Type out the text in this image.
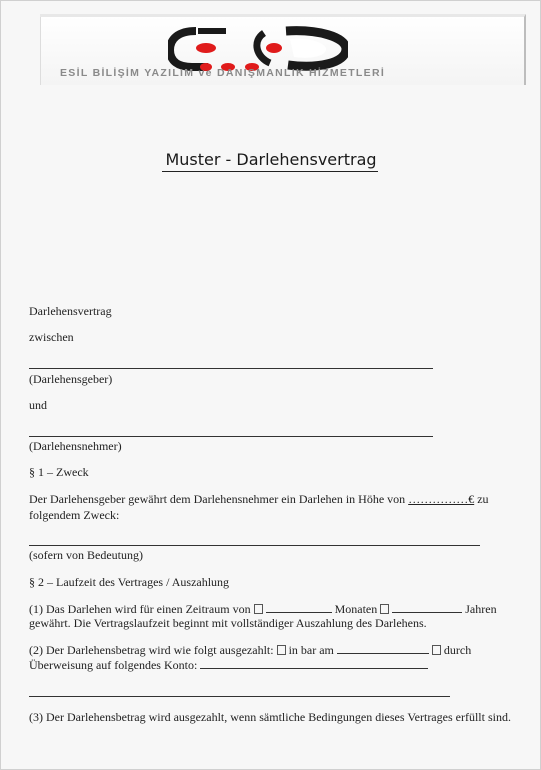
ESİL BİLİŞİM YAZILIM ve DANIŞMANLIK HİZMETLERİ
Muster - Darlehensvertrag
Darlehensvertrag
zwischen
(Darlehensgeber)
und
(Darlehensnehmer)
§ 1 – Zweck
Der Darlehensgeber gewährt dem Darlehensnehmer ein Darlehen in Höhe von ……………€ zu
folgendem Zweck:
(sofern von Bedeutung)
§ 2 – Laufzeit des Vertrages / Auszahlung
(1) Das Darlehen wird für einen Zeitraum von	Monaten	Jahren
gewährt. Die Vertragslaufzeit beginnt mit vollständiger Auszahlung des Darlehens.
(2) Der Darlehensbetrag wird wie folgt ausgezahlt: in bar am	durch
Überweisung auf folgendes Konto:
(3) Der Darlehensbetrag wird ausgezahlt, wenn sämtliche Bedingungen dieses Vertrages erfüllt sind.
